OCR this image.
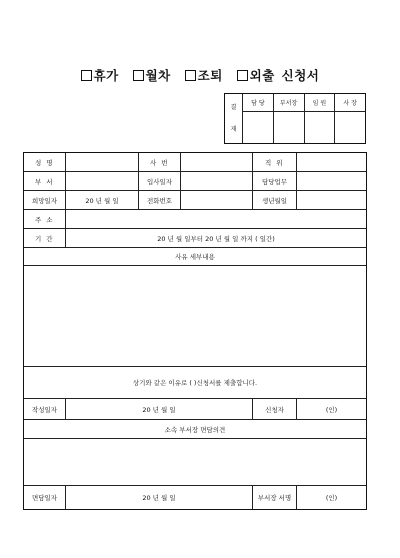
휴가 월차 조퇴 외출 신청서
결
재	담 당	부서장	임 원	사 장

성 명		사 번		직 위	
부 서		입사일자		담당업무	
희망일자	20 년 월 일	전화번호		생년월일	
주 소					
기 간	20 년 월 일부터 20 년 월 일 까지 ( 일간)				
사유 세부내용					

상기와 같은 이유로 ( )신청서를 제출합니다.					
작성일자	20 년 월 일			신청자	(인)
소속 부서장 면담의견					

면담일자	20 년 월 일			부서장 서명	(인)
